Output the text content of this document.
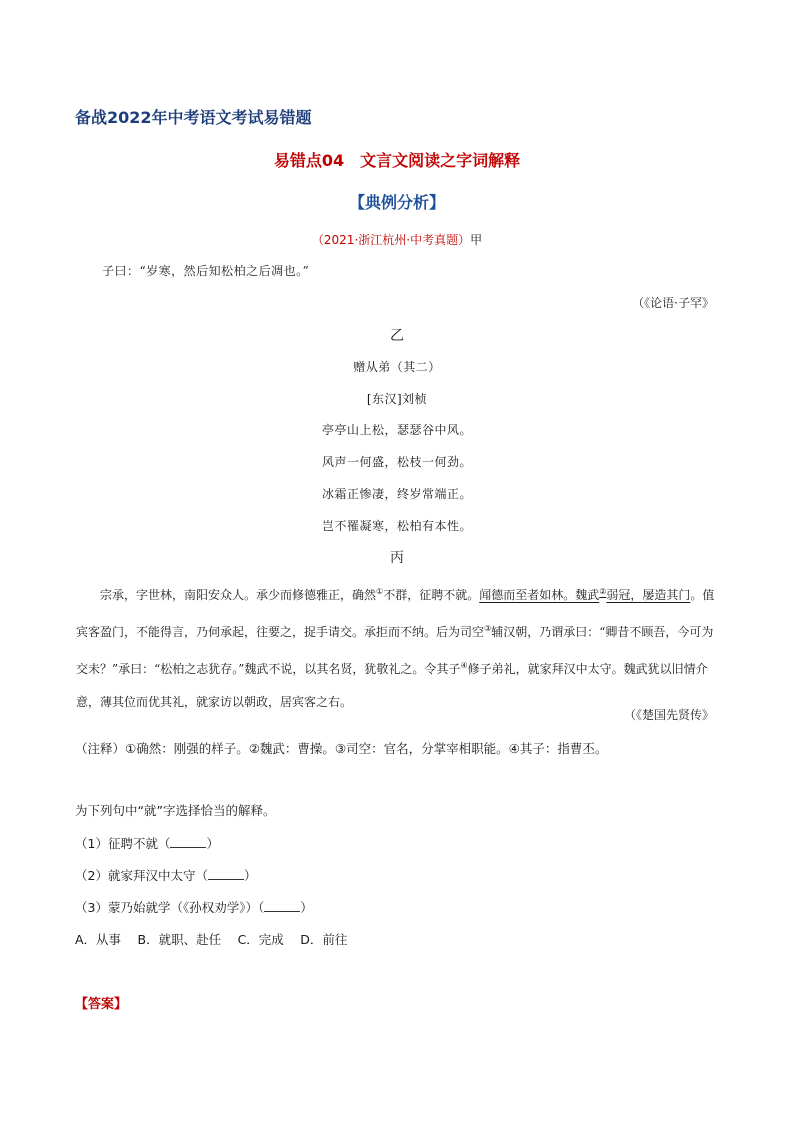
备战2022年中考语文考试易错题
易错点04　文言文阅读之字词解释
【典例分析】
（2021·浙江杭州·中考真题）甲
子曰：“岁寒，然后知松柏之后凋也。”
（《论语·子罕》
乙
赠从弟（其二）
[东汉]刘桢
亭亭山上松，瑟瑟谷中风。
风声一何盛，松枝一何劲。
冰霜正惨凄，终岁常端正。
岂不罹凝寒，松柏有本性。
丙
宗承，字世林，南阳安众人。承少而修德雅正，确然①不群，征聘不就。闻德而至者如林。魏武②弱冠，屡造其门。值宾客盈门，不能得言，乃伺承起，往要之，捉手请交。承拒而不纳。后为司空③辅汉朝，乃谓承曰：“卿昔不顾吾，今可为交未？”承曰：“松柏之志犹存。”魏武不说，以其名贤，犹敬礼之。令其子④修子弟礼，就家拜汉中太守。魏武犹以旧情介意，薄其位而优其礼，就家访以朝政，居宾客之右。
（《楚国先贤传》
（注释）①确然：刚强的样子。②魏武：曹操。③司空：官名，分掌宰相职能。④其子：指曹丕。
为下列句中“就”字选择恰当的解释。
（1）征聘不就（	）
（2）就家拜汉中太守（	）
（3）蒙乃始就学（《孙权劝学》）（	）
A．从事　 B．就职、赴任　 C．完成　 D．前往
【答案】
